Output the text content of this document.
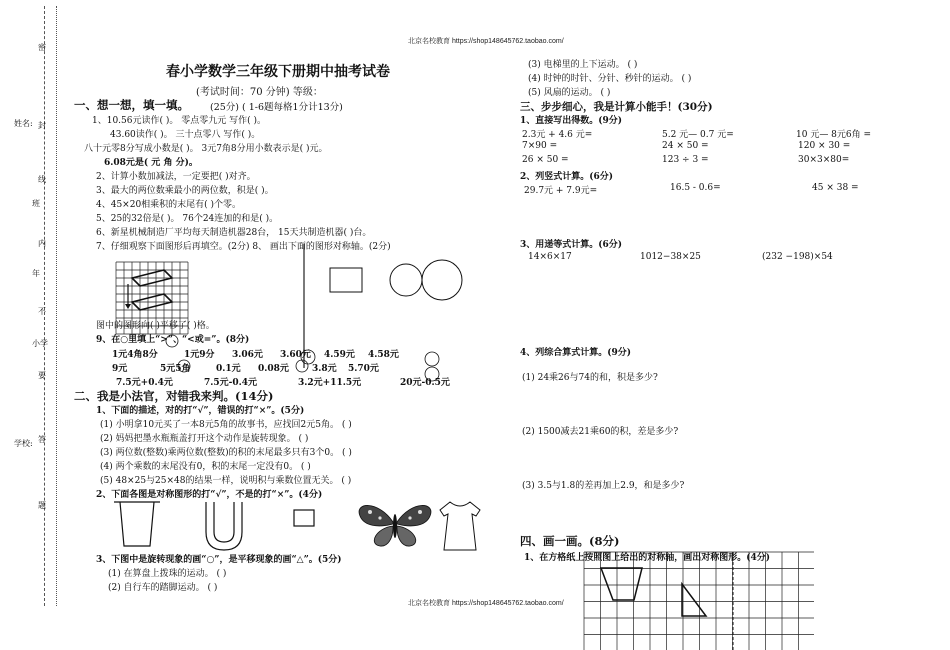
北京名校教育 https://shop148645762.taobao.com/
北京名校教育 https://shop148645762.taobao.com/
姓名:
班
年
小学
学校:
密
封
线
内
不
要
答
题
春小学数学三年级下册期中抽考试卷
(考试时间：70 分钟) 等级：
一、想一想，填一填。 (25分) ( 1-6题每格1分计13分)
1、10.56元读作( )。 零点零九元 写作( )。
43.60读作( )。 三十点零八 写作( )。
八十元零8分写成小数是( )。 3元7角8分用小数表示是( )元。
6.08元是( 元 角 分)。
2、计算小数加减法，一定要把( )对齐。
3、最大的两位数乘最小的两位数，积是( )。
4、45×20相乘积的末尾有( )个零。
5、25的32倍是( )。 76个24连加的和是( )。
6、新星机械制造厂平均每天制造机器28台， 15天共制造机器( )台。
7、仔细观察下面图形后再填空。(2分) 8、 画出下面的图形对称轴。(2分)
图中的图形向( )平移了( )格。
9、在○里填上“>”、“<或=”。(8分)
1元4角8分	1元9分 3.06元 3.60元 4.59元 4.58元
9元	5元5角	0.1元 0.08元	3.8元 5.70元
7.5元+0.4元	7.5元-0.4元	3.2元+11.5元	20元-0.5元
二、我是小法官，对错我来判。(14分)
1、下面的描述，对的打“√”，错误的打“×”。(5分)
(1) 小明拿10元买了一本8元5角的故事书，应找回2元5角。 ( )
(2) 妈妈把墨水瓶瓶盖打开这个动作是旋转现象。 ( )
(3) 两位数(整数)乘两位数(整数)的积的末尾最多只有3个0。 ( )
(4) 两个乘数的末尾没有0，积的末尾一定没有0。 ( )
(5) 48×25与25×48的结果一样，说明积与乘数位置无关。 ( )
2、下面各图是对称图形的打“√”，不是的打“×”。(4分)
3、下图中是旋转现象的画“○”，是平移现象的画“△”。(5分)
(1) 在算盘上拨珠的运动。 ( )
(2) 自行车的踏脚运动。 ( )
(3) 电梯里的上下运动。 ( )
(4) 时钟的时针、分针、秒针的运动。 ( )
(5) 风扇的运动。 ( )
三、步步细心，我是计算小能手！(30分)
1、直接写出得数。(9分)
2.3元 + 4.6 元=	5.2 元— 0.7 元=	10 元— 8元6角 =
7×90 =	24 × 50 =	120 × 30 =
26 × 50 =	123 ÷ 3 =	30×3×80=
2、列竖式计算。(6分)
29.7元 + 7.9元=	16.5 - 0.6=	45 × 38 =
3、用递等式计算。(6分)
14×6×17	1012−38×25	(232 −198)×54
4、列综合算式计算。(9分)
(1) 24乘26与74的和，积是多少?
(2) 1500减去21乘60的积，差是多少?
(3) 3.5与1.8的差再加上2.9，和是多少?
四、画一画。(8分)
1、在方格纸上按照图上给出的对称轴，画出对称图形。(4分)
